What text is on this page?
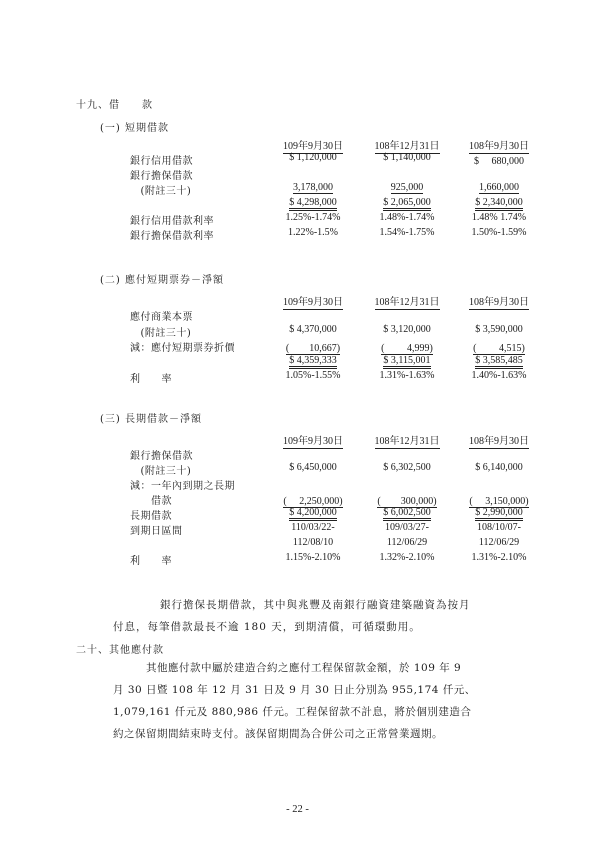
十九、借　　款
(一) 短期借款
109年9月30日	108年12月31日	108年9月30日
銀行信用借款	$ 1,120,000	$ 1,140,000	$　 680,000
銀行擔保借款
　(附註三十)	3,178,000	925,000	1,660,000
$ 4,298,000	$ 2,065,000	$ 2,340,000
銀行信用借款利率	1.25%-1.74%	1.48%-1.74%	1.48% 1.74%
銀行擔保借款利率	1.22%-1.5%	1.54%-1.75%	1.50%-1.59%
(二) 應付短期票券－淨額
109年9月30日	108年12月31日	108年9月30日
應付商業本票
　(附註三十)	$ 4,370,000	$ 3,120,000	$ 3,590,000
減：應付短期票券折價	(　　10,667)	(　　 4,999)	(　　 4,515)
$ 4,359,333	$ 3,115,001	$ 3,585,485
利　　率	1.05%-1.55%	1.31%-1.63%	1.40%-1.63%
(三) 長期借款－淨額
109年9月30日	108年12月31日	108年9月30日
銀行擔保借款
　(附註三十)	$ 6,450,000	$ 6,302,500	$ 6,140,000
減：一年內到期之長期
　　借款	(　 2,250,000)	(　　300,000)	(　 3,150,000)
長期借款	$ 4,200,000	$ 6,002,500	$ 2,990,000
到期日區間	110/03/22-	109/03/27-	108/10/07-
112/08/10	112/06/29	112/06/29
利　　率	1.15%-2.10%	1.32%-2.10%	1.31%-2.10%
銀行擔保長期借款，其中與兆豐及南銀行融資建築融資為按月
付息，每筆借款最長不逾 180 天，到期清償，可循環動用。
二十、其他應付款
其他應付款中屬於建造合約之應付工程保留款金額，於 109 年 9
月 30 日暨 108 年 12 月 31 日及 9 月 30 日止分別為 955,174 仟元、
1,079,161 仟元及 880,986 仟元。工程保留款不計息，將於個別建造合
約之保留期間結束時支付。該保留期間為合併公司之正常營業週期。
- 22 -
